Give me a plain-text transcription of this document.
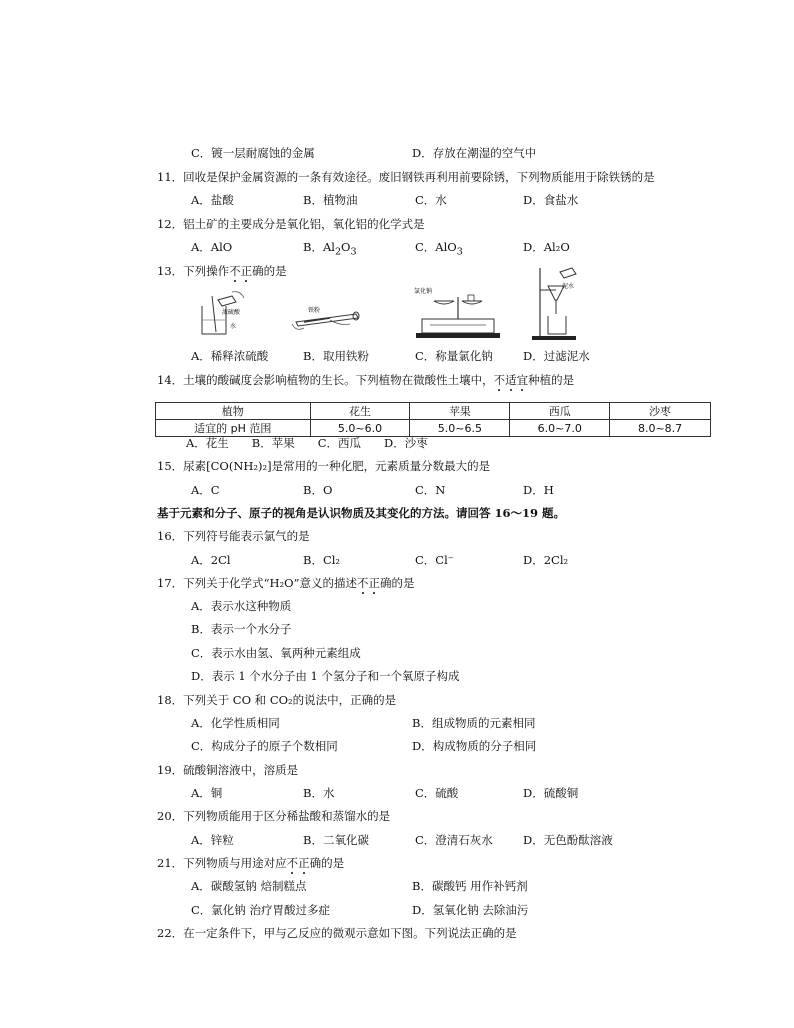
C．镀一层耐腐蚀的金属	D．存放在潮湿的空气中
11．回收是保护金属资源的一条有效途径。废旧钢铁再利用前要除锈，下列物质能用于除铁锈的是
A．盐酸	B．植物油	C．水	D．食盐水
12．铝土矿的主要成分是氧化铝，氧化铝的化学式是
A．AlO	B．$Al_2O_3$	C．AlO$_3$	D．Al₂O
13．下列操作不正确的是
浓硫酸
水
铁粉
氯化钠
泥水
A．稀释浓硫酸	B．取用铁粉	C．称量氯化钠	D．过滤泥水
14．土壤的酸碱度会影响植物的生长。下列植物在微酸性土壤中，不适宜种植的是
植物	花生	苹果	西瓜	沙枣
适宜的 pH 范围	5.0~6.0	5.0~6.5	6.0~7.0	8.0~8.7
A．花生　　B．苹果　　C．西瓜　　D．沙枣
15．尿素[CO(NH₂)₂]是常用的一种化肥，元素质量分数最大的是
A．C	B．O	C．N	D．H
基于元素和分子、原子的视角是认识物质及其变化的方法。请回答 16～19 题。
16．下列符号能表示氯气的是
A．2Cl	B．Cl₂	C．Cl⁻	D．2Cl₂
17．下列关于化学式“H₂O”意义的描述不正确的是
A．表示水这种物质
B．表示一个水分子
C．表示水由氢、氧两种元素组成
D．表示 1 个水分子由 1 个氢分子和一个氧原子构成
18．下列关于 CO 和 CO₂的说法中，正确的是
A．化学性质相同	B．组成物质的元素相同
C．构成分子的原子个数相同	D．构成物质的分子相同
19．硫酸铜溶液中，溶质是
A．铜	B．水	C．硫酸	D．硫酸铜
20．下列物质能用于区分稀盐酸和蒸馏水的是
A．锌粒	B．二氧化碳	C．澄清石灰水	D．无色酚酞溶液
21．下列物质与用途对应不正确的是
A．碳酸氢钠 焙制糕点	B．碳酸钙 用作补钙剂
C．氯化钠 治疗胃酸过多症	D．氢氧化钠 去除油污
22．在一定条件下，甲与乙反应的微观示意如下图。下列说法正确的是
